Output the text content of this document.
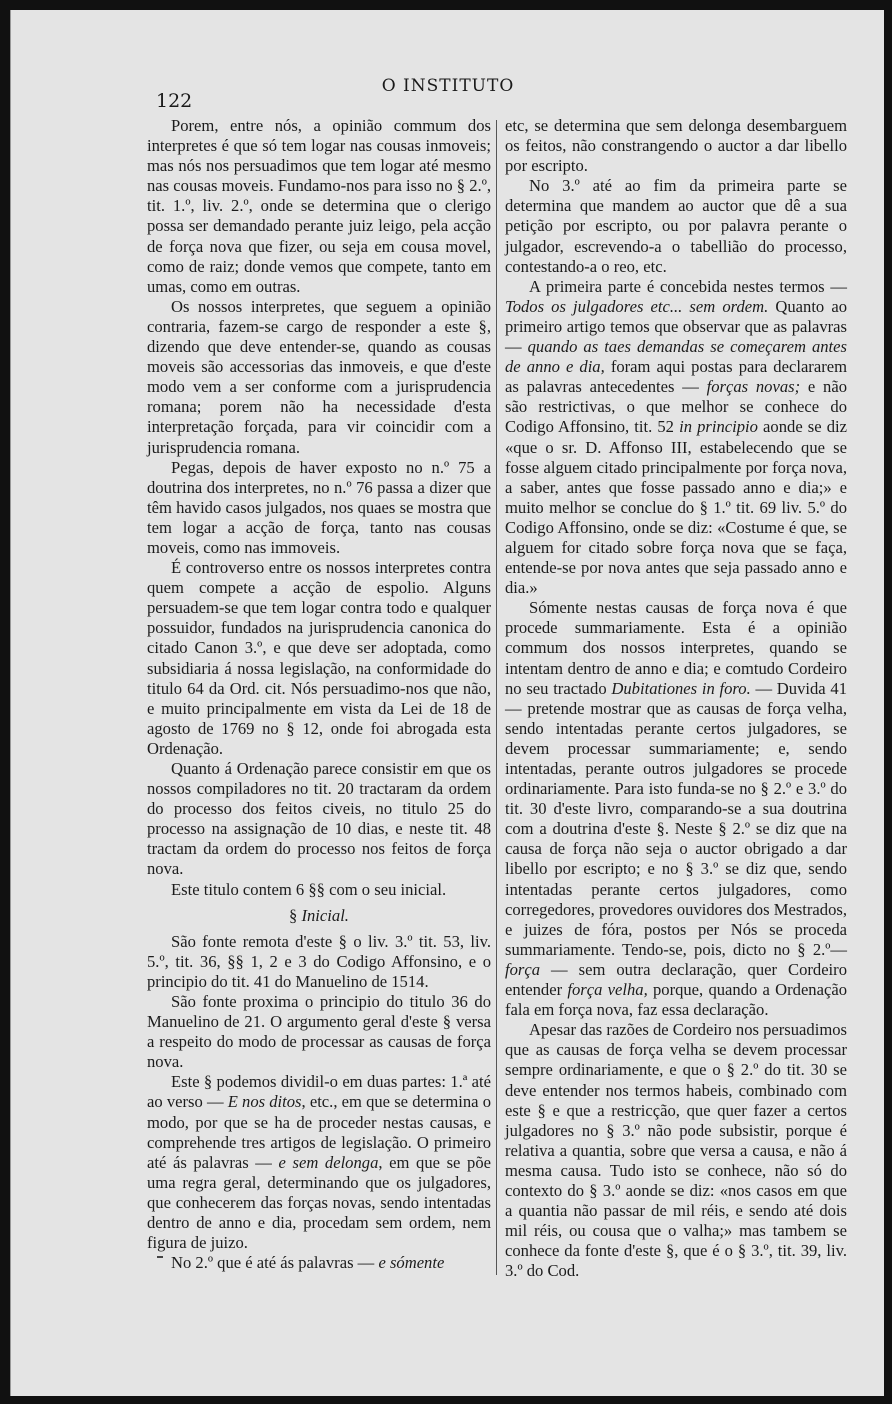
122
O INSTITUTO

Porem, entre nós, a opinião commum dos interpretes é que só tem logar nas cousas inmoveis; mas nós nos persuadimos que tem logar até mesmo nas cousas moveis. Fundamo-nos para isso no § 2.º, tit. 1.º, liv. 2.º, onde se determina que o clerigo possa ser demandado perante juiz leigo, pela acção de força nova que fizer, ou seja em cousa movel, como de raiz; donde vemos que compete, tanto em umas, como em outras.

Os nossos interpretes, que seguem a opinião contraria, fazem-se cargo de responder a este §, dizendo que deve entender-se, quando as cousas moveis são accessorias das inmoveis, e que d'este modo vem a ser conforme com a jurisprudencia romana; porem não ha necessidade d'esta interpretação forçada, para vir coincidir com a jurisprudencia romana.

Pegas, depois de haver exposto no n.º 75 a doutrina dos interpretes, no n.º 76 passa a dizer que têm havido casos julgados, nos quaes se mostra que tem logar a acção de força, tanto nas cousas moveis, como nas immoveis.

É controverso entre os nossos interpretes contra quem compete a acção de espolio. Alguns persuadem-se que tem logar contra todo e qualquer possuidor, fundados na jurisprudencia canonica do citado Canon 3.º, e que deve ser adoptada, como subsidiaria á nossa legislação, na conformidade do titulo 64 da Ord. cit. Nós persuadimo-nos que não, e muito principalmente em vista da Lei de 18 de agosto de 1769 no § 12, onde foi abrogada esta Ordenação.

Quanto á Ordenação parece consistir em que os nossos compiladores no tit. 20 tractaram da ordem do processo dos feitos civeis, no titulo 25 do processo na assignação de 10 dias, e neste tit. 48 tractam da ordem do processo nos feitos de força nova.

Este titulo contem 6 §§ com o seu inicial.

§ Inicial.

São fonte remota d'este § o liv. 3.º tit. 53, liv. 5.º, tit. 36, §§ 1, 2 e 3 do Codigo Affonsino, e o principio do tit. 41 do Manuelino de 1514.

São fonte proxima o principio do titulo 36 do Manuelino de 21. O argumento geral d'este § versa a respeito do modo de processar as causas de força nova.

Este § podemos dividil-o em duas partes: 1.ª até ao verso — E nos ditos, etc., em que se determina o modo, por que se ha de proceder nestas causas, e comprehende tres artigos de legislação. O primeiro até ás palavras — e sem delonga, em que se põe uma regra geral, determinando que os julgadores, que conhecerem das forças novas, sendo intentadas dentro de anno e dia, procedam sem ordem, nem figura de juizo.

No 2.º que é até ás palavras — e sómente

etc, se determina que sem delonga desembarguem os feitos, não constrangendo o auctor a dar libello por escripto.

No 3.º até ao fim da primeira parte se determina que mandem ao auctor que dê a sua petição por escripto, ou por palavra perante o julgador, escrevendo-a o tabellião do processo, contestando-a o reo, etc.

A primeira parte é concebida nestes termos — Todos os julgadores etc... sem ordem. Quanto ao primeiro artigo temos que observar que as palavras — quando as taes demandas se começarem antes de anno e dia, foram aqui postas para declararem as palavras antecedentes — forças novas; e não são restrictivas, o que melhor se conhece do Codigo Affonsino, tit. 52 in principio aonde se diz «que o sr. D. Affonso III, estabelecendo que se fosse alguem citado principalmente por força nova, a saber, antes que fosse passado anno e dia;» e muito melhor se conclue do § 1.º tit. 69 liv. 5.º do Codigo Affonsino, onde se diz: «Costume é que, se alguem for citado sobre força nova que se faça, entende-se por nova antes que seja passado anno e dia.»

Sómente nestas causas de força nova é que procede summariamente. Esta é a opinião commum dos nossos interpretes, quando se intentam dentro de anno e dia; e comtudo Cordeiro no seu tractado Dubitationes in foro. — Duvida 41 — pretende mostrar que as causas de força velha, sendo intentadas perante certos julgadores, se devem processar summariamente; e, sendo intentadas, perante outros julgadores se procede ordinariamente. Para isto funda-se no § 2.º e 3.º do tit. 30 d'este livro, comparando-se a sua doutrina com a doutrina d'este §. Neste § 2.º se diz que na causa de força não seja o auctor obrigado a dar libello por escripto; e no § 3.º se diz que, sendo intentadas perante certos julgadores, como corregedores, provedores ouvidores dos Mestrados, e juizes de fóra, postos per Nós se proceda summariamente. Tendo-se, pois, dicto no § 2.º—força — sem outra declaração, quer Cordeiro entender força velha, porque, quando a Ordenação fala em força nova, faz essa declaração.

Apesar das razões de Cordeiro nos persuadimos que as causas de força velha se devem processar sempre ordinariamente, e que o § 2.º do tit. 30 se deve entender nos termos habeis, combinado com este § e que a restricção, que quer fazer a certos julgadores no § 3.º não pode subsistir, porque é relativa a quantia, sobre que versa a causa, e não á mesma causa. Tudo isto se conhece, não só do contexto do § 3.º aonde se diz: «nos casos em que a quantia não passar de mil réis, e sendo até dois mil réis, ou cousa que o valha;» mas tambem se conhece da fonte d'este §, que é o § 3.º, tit. 39, liv. 3.º do Cod.
